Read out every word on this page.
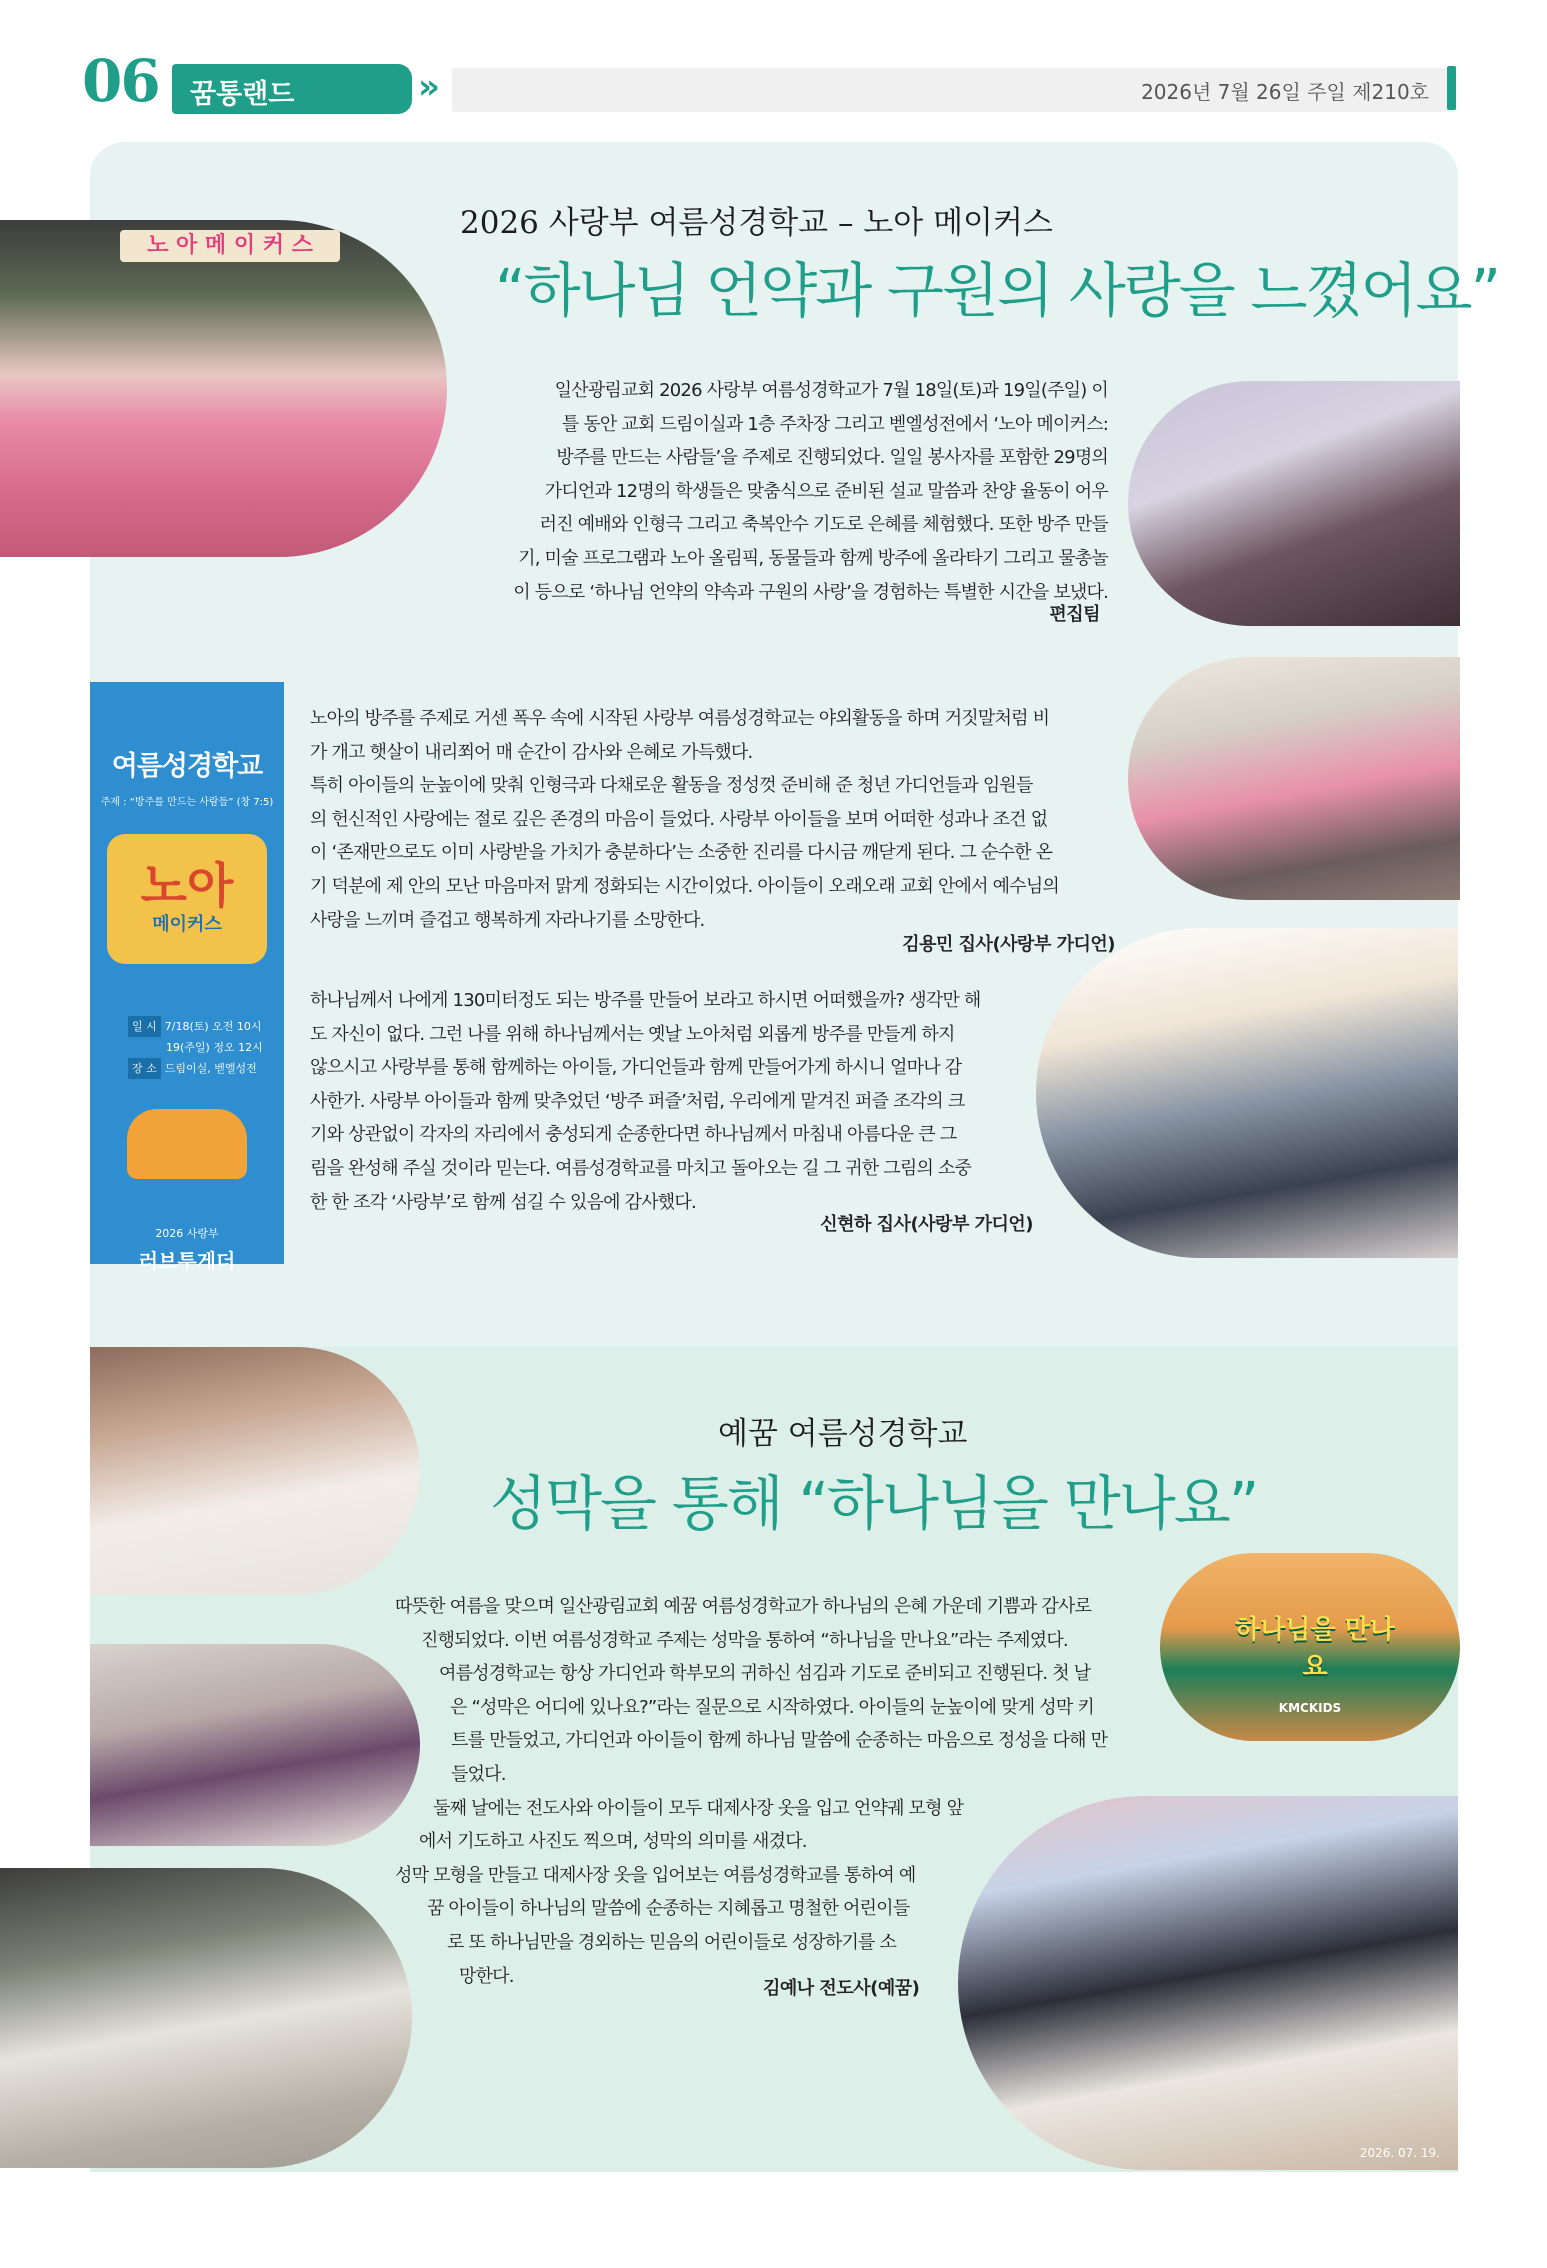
06	꿈통랜드	»	2026년 7월 26일 주일 제210호
노 아 메 이 커 스
여름성경학교
주제 : “방주를 만드는 사람들” (창 7:5)
노아
메이커스
일 시 7/18(토) 오전 10시
19(주일) 정오 12시
장 소 드림이실, 벧엘성전
2026 사랑부
러브투게더
2026 사랑부 여름성경학교 – 노아 메이커스
“하나님 언약과 구원의 사랑을 느꼈어요”

일산광림교회 2026 사랑부 여름성경학교가 7월 18일(토)과 19일(주일) 이

틀 동안 교회 드림이실과 1층 주차장 그리고 벧엘성전에서 ‘노아 메이커스:

방주를 만드는 사람들’을 주제로 진행되었다. 일일 봉사자를 포함한 29명의

가디언과 12명의 학생들은 맞춤식으로 준비된 설교 말씀과 찬양 율동이 어우

러진 예배와 인형극 그리고 축복안수 기도로 은혜를 체험했다. 또한 방주 만들

기, 미술 프로그램과 노아 올림픽, 동물들과 함께 방주에 올라타기 그리고 물총놀

이 등으로 ‘하나님 언약의 약속과 구원의 사랑’을 경험하는 특별한 시간을 보냈다.

편집팀

노아의 방주를 주제로 거센 폭우 속에 시작된 사랑부 여름성경학교는 야외활동을 하며 거짓말처럼 비

가 개고 햇살이 내리쬐어 매 순간이 감사와 은혜로 가득했다.

특히 아이들의 눈높이에 맞춰 인형극과 다채로운 활동을 정성껏 준비해 준 청년 가디언들과 임원들

의 헌신적인 사랑에는 절로 깊은 존경의 마음이 들었다. 사랑부 아이들을 보며 어떠한 성과나 조건 없

이 ‘존재만으로도 이미 사랑받을 가치가 충분하다’는 소중한 진리를 다시금 깨닫게 된다. 그 순수한 온

기 덕분에 제 안의 모난 마음마저 맑게 정화되는 시간이었다. 아이들이 오래오래 교회 안에서 예수님의

사랑을 느끼며 즐겁고 행복하게 자라나기를 소망한다.

김용민 집사(사랑부 가디언)

하나님께서 나에게 130미터정도 되는 방주를 만들어 보라고 하시면 어떠했을까? 생각만 해

도 자신이 없다. 그런 나를 위해 하나님께서는 옛날 노아처럼 외롭게 방주를 만들게 하지

않으시고 사랑부를 통해 함께하는 아이들, 가디언들과 함께 만들어가게 하시니 얼마나 감

사한가. 사랑부 아이들과 함께 맞추었던 ‘방주 퍼즐’처럼, 우리에게 맡겨진 퍼즐 조각의 크

기와 상관없이 각자의 자리에서 충성되게 순종한다면 하나님께서 마침내 아름다운 큰 그

림을 완성해 주실 것이라 믿는다. 여름성경학교를 마치고 돌아오는 길 그 귀한 그림의 소중

한 한 조각 ‘사랑부’로 함께 섬길 수 있음에 감사했다.

신현하 집사(사랑부 가디언)
하나님을 만나요
KMCKIDS
2026. 07. 19.
예꿈 여름성경학교
성막을 통해 “하나님을 만나요”

따뜻한 여름을 맞으며 일산광림교회 예꿈 여름성경학교가 하나님의 은혜 가운데 기쁨과 감사로

진행되었다. 이번 여름성경학교 주제는 성막을 통하여 “하나님을 만나요”라는 주제였다.

여름성경학교는 항상 가디언과 학부모의 귀하신 섬김과 기도로 준비되고 진행된다. 첫 날

은 “성막은 어디에 있나요?”라는 질문으로 시작하였다. 아이들의 눈높이에 맞게 성막 키

트를 만들었고, 가디언과 아이들이 함께 하나님 말씀에 순종하는 마음으로 정성을 다해 만

들었다.

둘째 날에는 전도사와 아이들이 모두 대제사장 옷을 입고 언약궤 모형 앞

에서 기도하고 사진도 찍으며, 성막의 의미를 새겼다.

성막 모형을 만들고 대제사장 옷을 입어보는 여름성경학교를 통하여 예

꿈 아이들이 하나님의 말씀에 순종하는 지혜롭고 명철한 어린이들

로 또 하나님만을 경외하는 믿음의 어린이들로 성장하기를 소

망한다.

김예나 전도사(예꿈)
